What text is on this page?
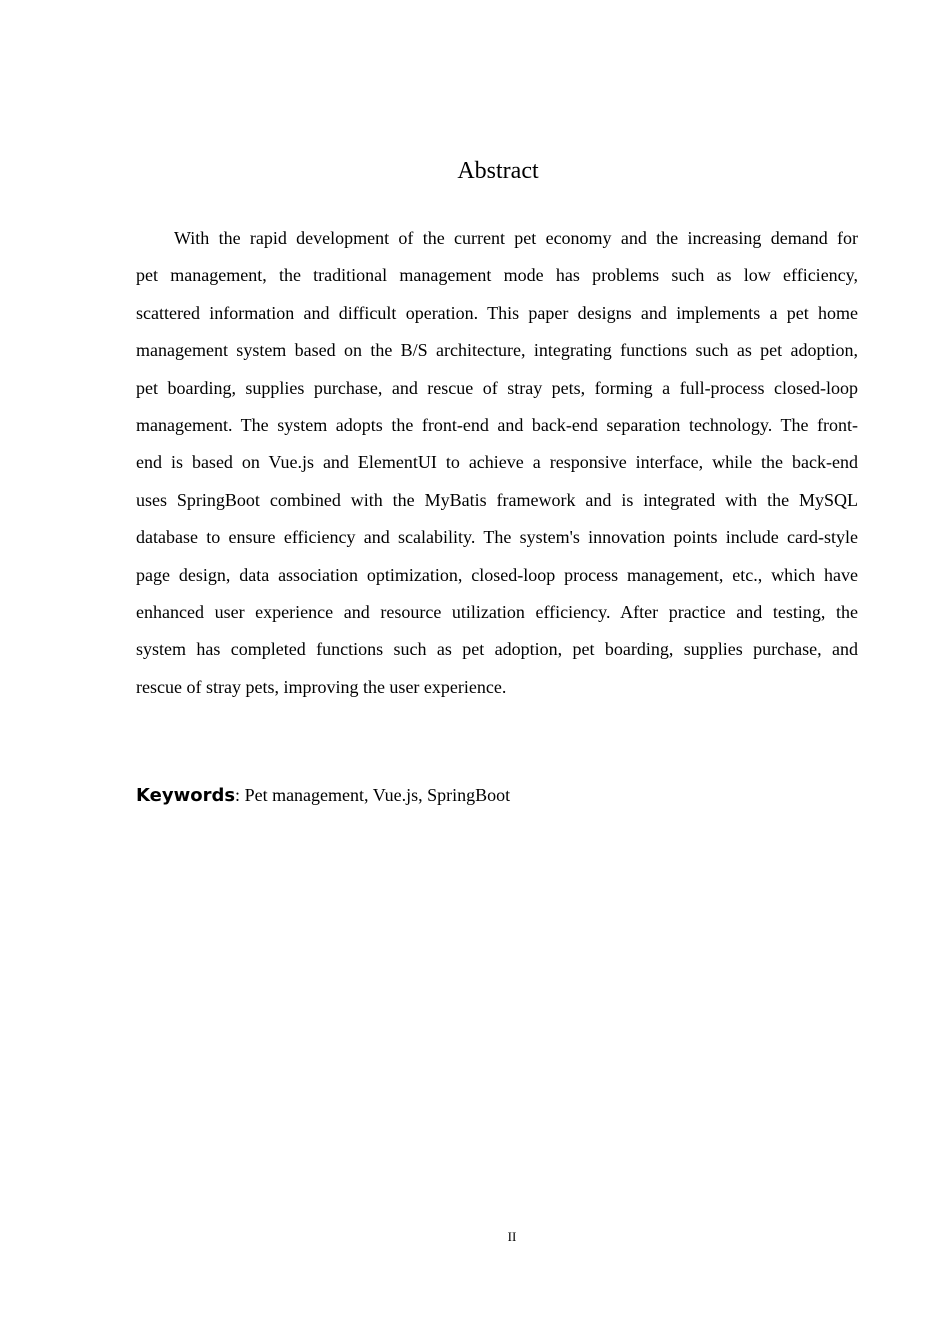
Abstract
With the rapid development of the current pet economy and the increasing demand for
pet management, the traditional management mode has problems such as low efficiency,
scattered information and difficult operation. This paper designs and implements a pet home
management system based on the B/S architecture, integrating functions such as pet adoption,
pet boarding, supplies purchase, and rescue of stray pets, forming a full-process closed-loop
management. The system adopts the front-end and back-end separation technology. The front-
end is based on Vue.js and ElementUI to achieve a responsive interface, while the back-end
uses SpringBoot combined with the MyBatis framework and is integrated with the MySQL
database to ensure efficiency and scalability. The system's innovation points include card-style
page design, data association optimization, closed-loop process management, etc., which have
enhanced user experience and resource utilization efficiency. After practice and testing, the
system has completed functions such as pet adoption, pet boarding, supplies purchase, and
rescue of stray pets, improving the user experience.
Keywords: Pet management, Vue.js, SpringBoot
II
